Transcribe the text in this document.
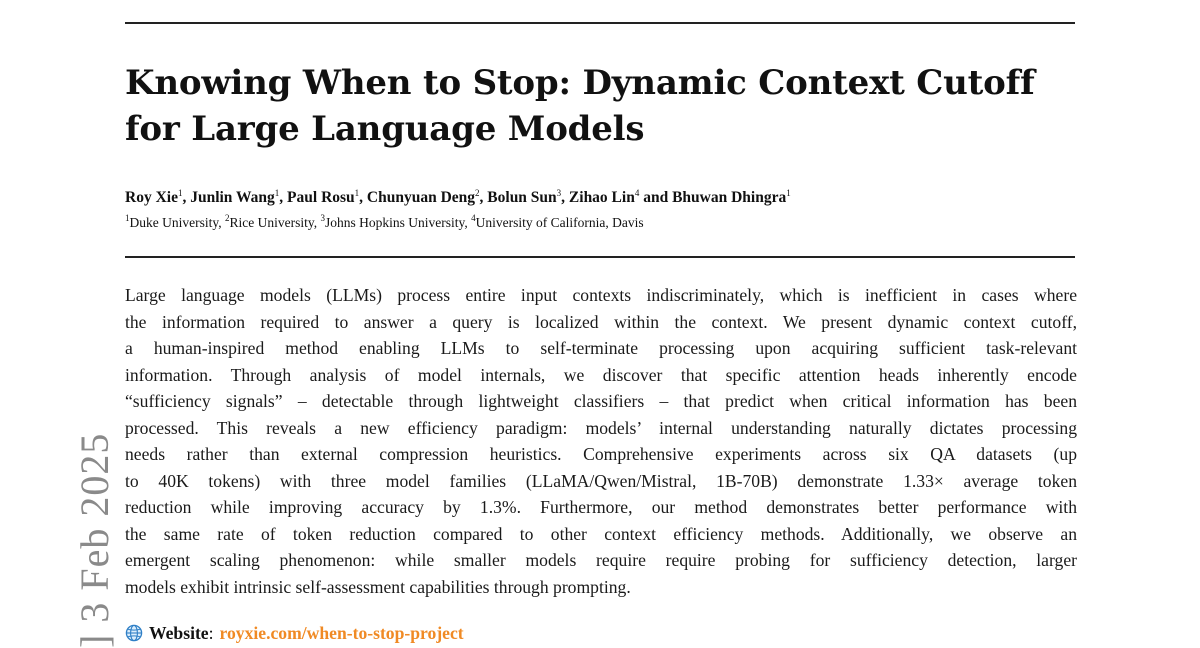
Knowing When to Stop: Dynamic Context Cutoff for Large Language Models
Roy Xie$^1$, Junlin Wang$^1$, Paul Rosu$^1$, Chunyuan Deng$^2$, Bolun Sun$^3$, Zihao Lin$^4$ and Bhuwan Dhingra$^1$
$^1$Duke University, $^2$Rice University, $^3$Johns Hopkins University, $^4$University of California, Davis
Large language models (LLMs) process entire input contexts indiscriminately, which is inefficient in cases where
the information required to answer a query is localized within the context. We present dynamic context cutoff,
a human-inspired method enabling LLMs to self-terminate processing upon acquiring sufficient task-relevant
information. Through analysis of model internals, we discover that specific attention heads inherently encode
“sufficiency signals” – detectable through lightweight classifiers – that predict when critical information has been
processed. This reveals a new efficiency paradigm: models’ internal understanding naturally dictates processing
needs rather than external compression heuristics. Comprehensive experiments across six QA datasets (up
to 40K tokens) with three model families (LLaMA/Qwen/Mistral, 1B-70B) demonstrate 1.33× average token
reduction while improving accuracy by 1.3%. Furthermore, our method demonstrates better performance with
the same rate of token reduction compared to other context efficiency methods. Additionally, we observe an
emergent scaling phenomenon: while smaller models require require probing for sufficiency detection, larger
models exhibit intrinsic self-assessment capabilities through prompting.
Website : royxie.com/when-to-stop-project
] 3 Feb 2025
